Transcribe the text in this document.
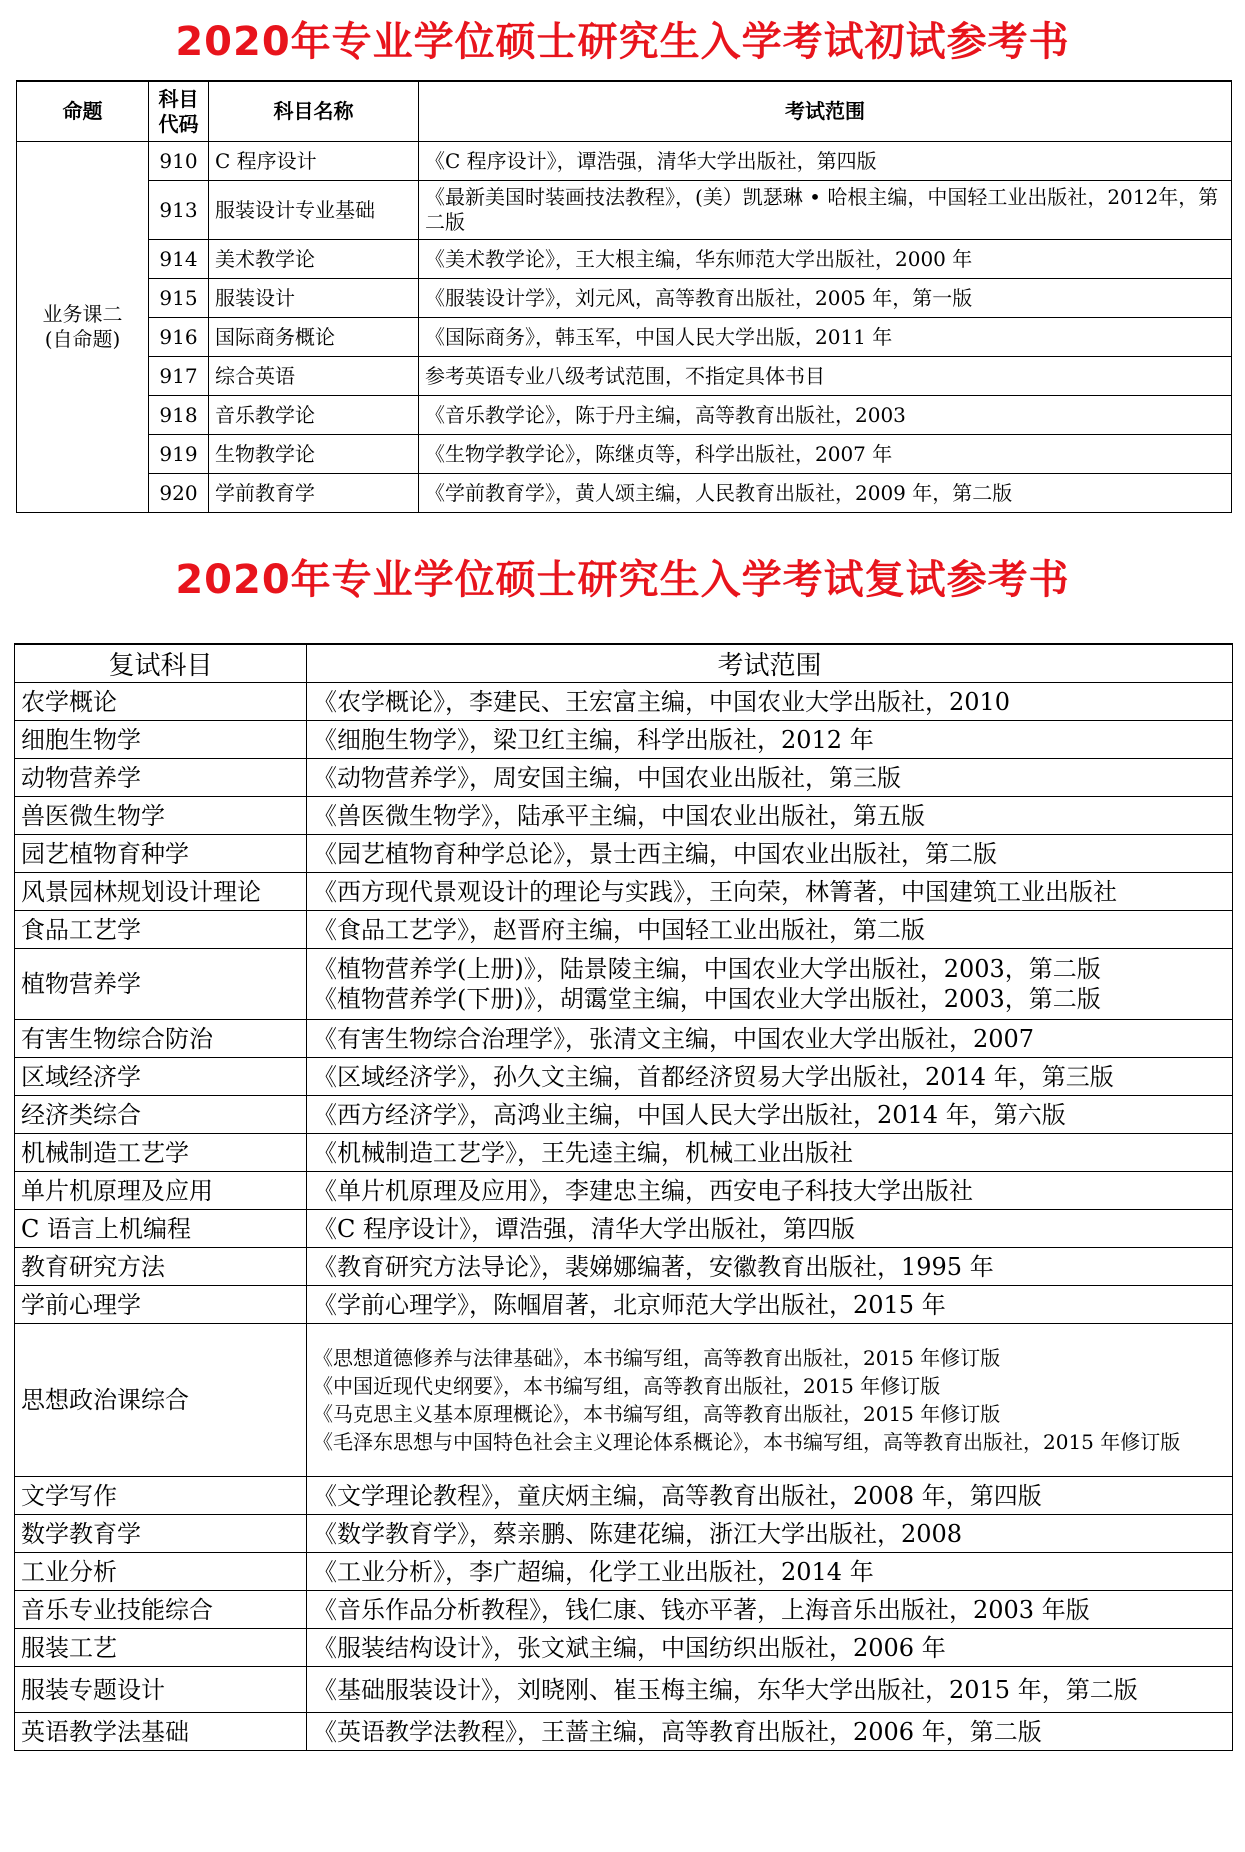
2020年专业学位硕士研究生入学考试初试参考书
命题	科目代码	科目名称	考试范围

业务课二
(自命题)	910	C 程序设计	《C 程序设计》，谭浩强，清华大学出版社，第四版
	913	服装设计专业基础	《最新美国时装画技法教程》，(美）凯瑟琳 • 哈根主编，中国轻工业出版社，2012年，第二版
	914	美术教学论	《美术教学论》，王大根主编，华东师范大学出版社，2000 年
	915	服装设计	《服装设计学》，刘元风，高等教育出版社，2005 年，第一版
	916	国际商务概论	《国际商务》，韩玉军，中国人民大学出版，2011 年
	917	综合英语	参考英语专业八级考试范围，不指定具体书目
	918	音乐教学论	《音乐教学论》，陈于丹主编，高等教育出版社，2003
	919	生物教学论	《生物学教学论》，陈继贞等，科学出版社，2007 年
	920	学前教育学	《学前教育学》，黄人颂主编，人民教育出版社，2009 年，第二版
2020年专业学位硕士研究生入学考试复试参考书
复试科目	考试范围
农学概论	《农学概论》，李建民、王宏富主编，中国农业大学出版社，2010

细胞生物学	《细胞生物学》，梁卫红主编，科学出版社，2012 年

动物营养学	《动物营养学》，周安国主编，中国农业出版社，第三版

兽医微生物学	《兽医微生物学》，陆承平主编，中国农业出版社，第五版

园艺植物育种学	《园艺植物育种学总论》，景士西主编，中国农业出版社，第二版

风景园林规划设计理论	《西方现代景观设计的理论与实践》，王向荣，林箐著，中国建筑工业出版社

食品工艺学	《食品工艺学》，赵晋府主编，中国轻工业出版社，第二版

植物营养学	《植物营养学(上册)》，陆景陵主编，中国农业大学出版社，2003，第二版
《植物营养学(下册)》，胡霭堂主编，中国农业大学出版社，2003，第二版

有害生物综合防治	《有害生物综合治理学》，张清文主编，中国农业大学出版社，2007

区域经济学	《区域经济学》，孙久文主编，首都经济贸易大学出版社，2014 年，第三版

经济类综合	《西方经济学》，高鸿业主编，中国人民大学出版社，2014 年，第六版

机械制造工艺学	《机械制造工艺学》，王先逵主编，机械工业出版社

单片机原理及应用	《单片机原理及应用》，李建忠主编，西安电子科技大学出版社

C 语言上机编程	《C 程序设计》，谭浩强，清华大学出版社，第四版

教育研究方法	《教育研究方法导论》，裴娣娜编著，安徽教育出版社，1995 年

学前心理学	《学前心理学》，陈帼眉著，北京师范大学出版社，2015 年

思想政治课综合	《思想道德修养与法律基础》，本书编写组，高等教育出版社，2015 年修订版
《中国近现代史纲要》，本书编写组，高等教育出版社，2015 年修订版
《马克思主义基本原理概论》，本书编写组，高等教育出版社，2015 年修订版
《毛泽东思想与中国特色社会主义理论体系概论》，本书编写组，高等教育出版社，2015 年修订版

文学写作	《文学理论教程》，童庆炳主编，高等教育出版社，2008 年，第四版

数学教育学	《数学教育学》，蔡亲鹏、陈建花编，浙江大学出版社，2008

工业分析	《工业分析》，李广超编，化学工业出版社，2014 年

音乐专业技能综合	《音乐作品分析教程》，钱仁康、钱亦平著，上海音乐出版社，2003 年版

服装工艺	《服装结构设计》，张文斌主编，中国纺织出版社，2006 年

服装专题设计	《基础服装设计》，刘晓刚、崔玉梅主编，东华大学出版社，2015 年，第二版

英语教学法基础	《英语教学法教程》，王蔷主编，高等教育出版社，2006 年，第二版
